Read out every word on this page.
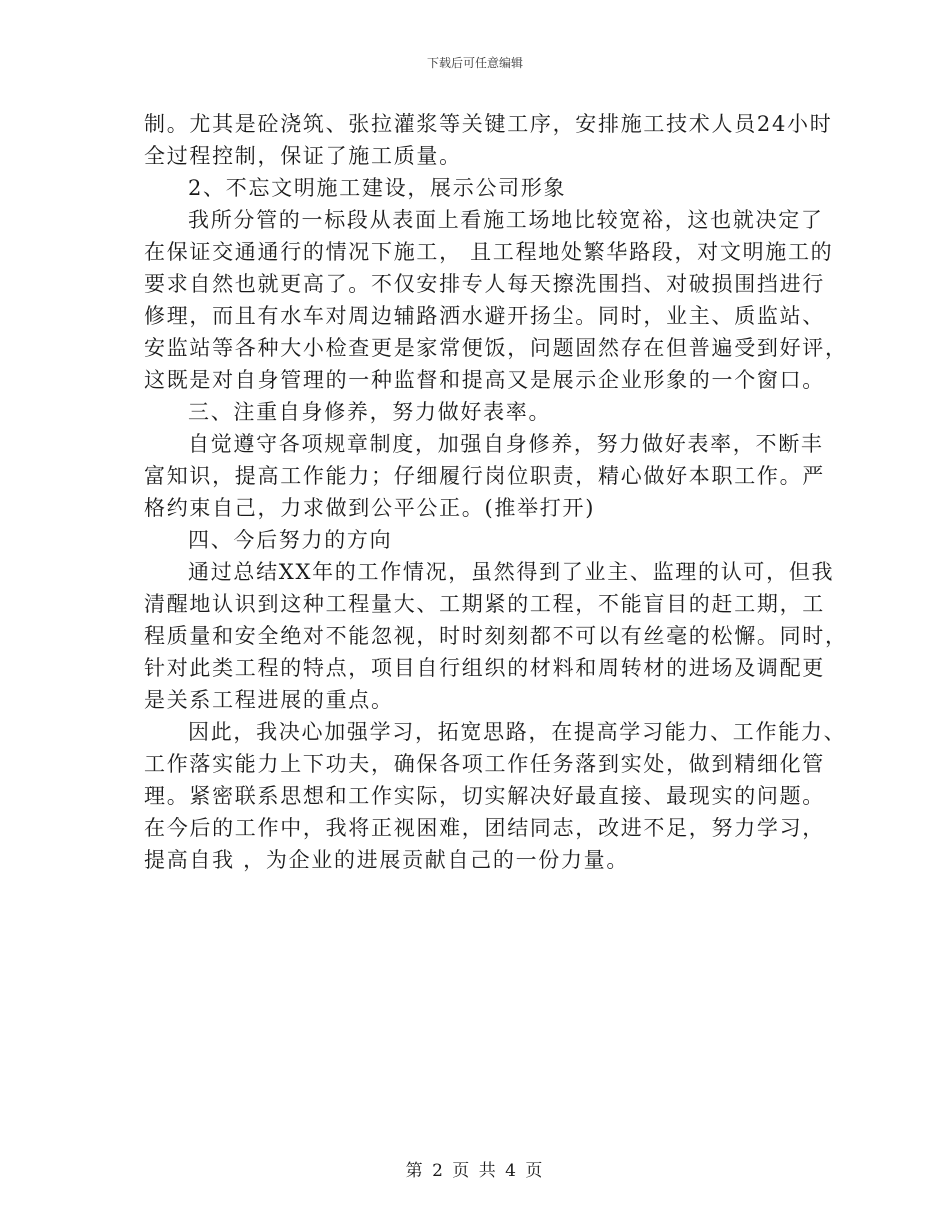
下载后可任意编辑
制。尤其是砼浇筑、张拉灌浆等关键工序，安排施工技术人员24小时
全过程控制，保证了施工质量。
2、不忘文明施工建设，展示公司形象
我所分管的一标段从表面上看施工场地比较宽裕，这也就决定了
在保证交通通行的情况下施工， 且工程地处繁华路段，对文明施工的
要求自然也就更高了。不仅安排专人每天擦洗围挡、对破损围挡进行
修理，而且有水车对周边辅路洒水避开扬尘。同时，业主、质监站、
安监站等各种大小检查更是家常便饭，问题固然存在但普遍受到好评，
这既是对自身管理的一种监督和提高又是展示企业形象的一个窗口。
三、注重自身修养，努力做好表率。
自觉遵守各项规章制度，加强自身修养，努力做好表率，不断丰
富知识，提高工作能力；仔细履行岗位职责，精心做好本职工作。严
格约束自己，力求做到公平公正。(推举打开)
四、今后努力的方向
通过总结XX年的工作情况，虽然得到了业主、监理的认可，但我
清醒地认识到这种工程量大、工期紧的工程，不能盲目的赶工期，工
程质量和安全绝对不能忽视，时时刻刻都不可以有丝毫的松懈。同时，
针对此类工程的特点，项目自行组织的材料和周转材的进场及调配更
是关系工程进展的重点。
因此，我决心加强学习，拓宽思路，在提高学习能力、工作能力、
工作落实能力上下功夫，确保各项工作任务落到实处，做到精细化管
理。紧密联系思想和工作实际，切实解决好最直接、最现实的问题。
在今后的工作中，我将正视困难，团结同志，改进不足，努力学习，
提高自我 ，为企业的进展贡献自己的一份力量。
第 2 页 共 4 页
